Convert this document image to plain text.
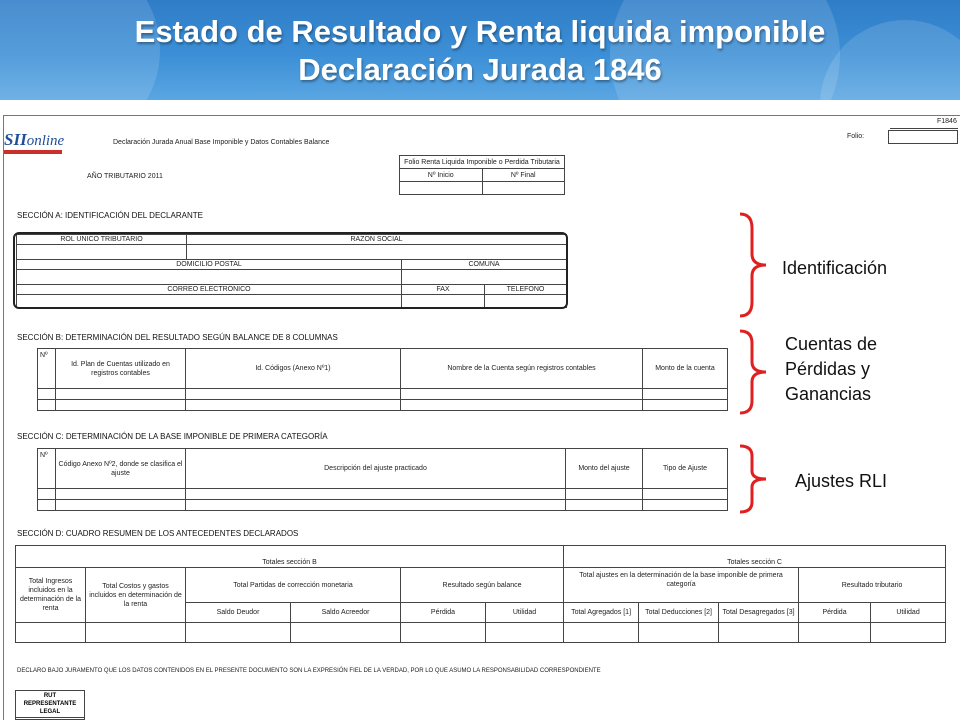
Estado de Resultado y Renta liquida imponible
Declaración Jurada 1846
SIIonline	Declaración Jurada Anual Base Imponible y Datos Contables Balance
F1846
Folio:
AÑO TRIBUTARIO 2011
Folio Renta Liquida Imponible o Perdida Tributaria	
Nº Inicio	Nº Final

SECCIÓN A: IDENTIFICACIÓN DEL DECLARANTE
ROL UNICO TRIBUTARIO	RAZON SOCIAL		

DOMICILIO POSTAL		COMUNA	

CORREO ELECTRÓNICO		FAX	TELEFONO

SECCIÓN B: DETERMINACIÓN DEL RESULTADO SEGÚN BALANCE DE 8 COLUMNAS
Nº	Id. Plan de Cuentas utilizado en registros contables	Id. Códigos (Anexo Nº1)	Nombre de la Cuenta según registros contables	Monto de la cuenta

SECCIÓN C: DETERMINACIÓN DE LA BASE IMPONIBLE DE PRIMERA CATEGORÍA
Nº	Código Anexo Nº2, donde se clasifica el ajuste	Descripción del ajuste practicado	Monto del ajuste	Tipo de Ajuste

SECCIÓN D: CUADRO RESUMEN DE LOS ANTECEDENTES DECLARADOS
Totales sección B						Totales sección C				
Total Ingresos incluidos en la determinación de la renta	Total Costos y gastos incluidos en determinación de la renta	Total Partidas de corrección monetaria		Resultado según balance		Total ajustes en la determinación de la base imponible de primera categoría			Resultado tributario	
		Saldo Deudor	Saldo Acreedor	Pérdida	Utilidad	Total Agregados [1]	Total Deducciones [2]	Total Desagregados [3]	Pérdida	Utilidad

DECLARO BAJO JURAMENTO QUE LOS DATOS CONTENIDOS EN EL PRESENTE DOCUMENTO SON LA EXPRESIÓN FIEL DE LA VERDAD, POR LO QUE ASUMO LA RESPONSABILIDAD CORRESPONDIENTE
RUT REPRESENTANTE LEGAL
Identificación
Cuentas de
Pérdidas y
Ganancias
Ajustes RLI
